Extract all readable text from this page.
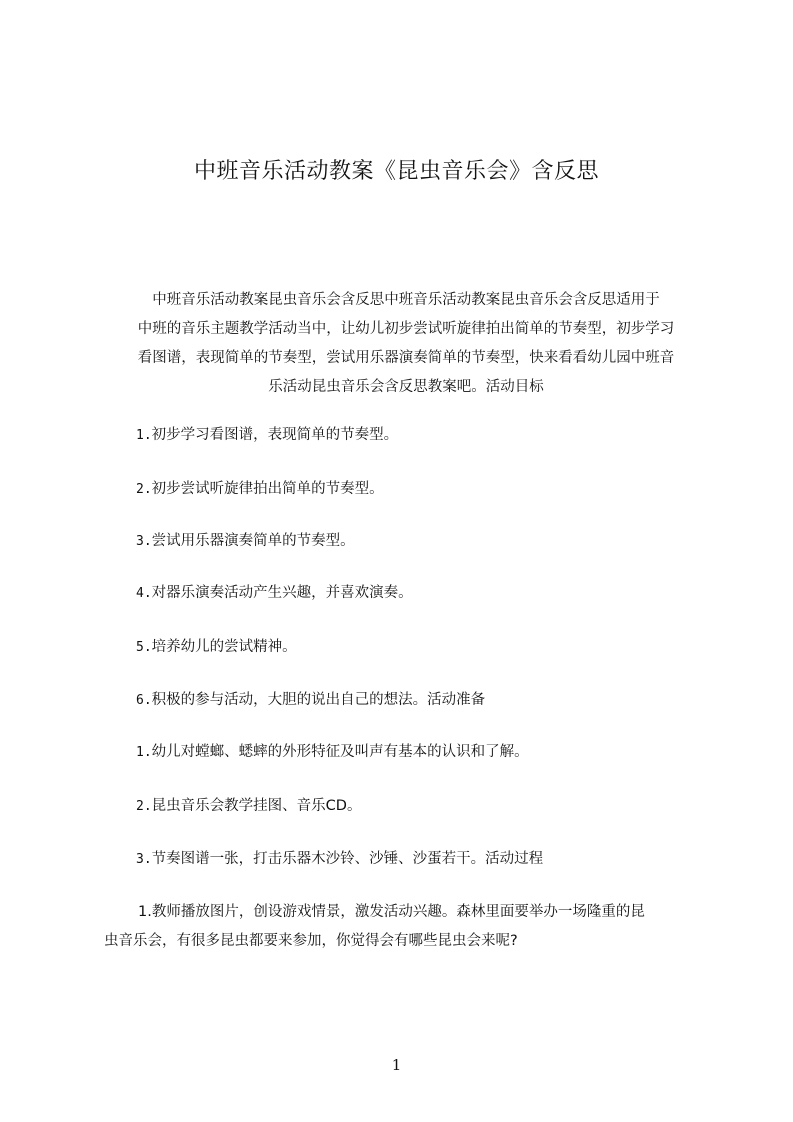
中班音乐活动教案《昆虫音乐会》含反思
中班音乐活动教案昆虫音乐会含反思中班音乐活动教案昆虫音乐会含反思适用于
中班的音乐主题教学活动当中，让幼儿初步尝试听旋律拍出简单的节奏型，初步学习
看图谱，表现简单的节奏型，尝试用乐器演奏简单的节奏型，快来看看幼儿园中班音

乐活动昆虫音乐会含反思教案吧。活动目标
1.初步学习看图谱，表现简单的节奏型。
2.初步尝试听旋律拍出简单的节奏型。
3.尝试用乐器演奏简单的节奏型。
4.对器乐演奏活动产生兴趣，并喜欢演奏。
5.培养幼儿的尝试精神。
6.积极的参与活动，大胆的说出自己的想法。活动准备
1.幼儿对螳螂、蟋蟀的外形特征及叫声有基本的认识和了解。
2.昆虫音乐会教学挂图、音乐CD。
3.节奏图谱一张，打击乐器木沙铃、沙锤、沙蛋若干。活动过程
1.教师播放图片，创设游戏情景，激发活动兴趣。森林里面要举办一场隆重的昆
虫音乐会，有很多昆虫都要来参加，你觉得会有哪些昆虫会来呢?
1
